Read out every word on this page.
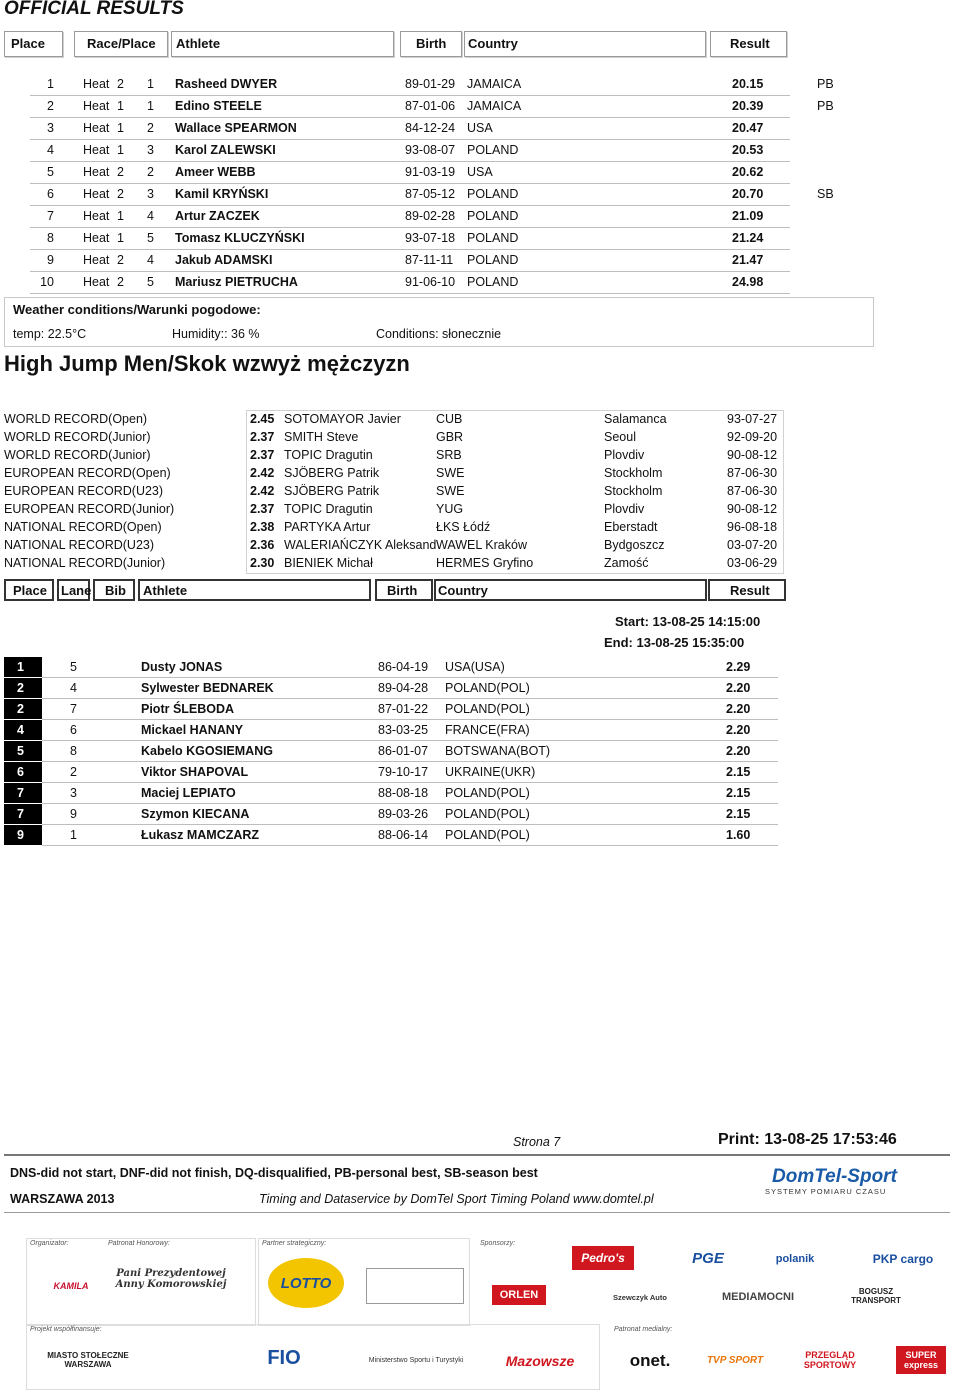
OFFICIAL RESULTS
Place	Race/Place	Athlete	Birth	Country	Result
1 Heat 2 1 Rasheed DWYER	89-01-29 JAMAICA	20.15	PB
2 Heat 1 1 Edino STEELE	87-01-06 JAMAICA	20.39	PB
3 Heat 1 2 Wallace SPEARMON	84-12-24 USA	20.47
4 Heat 1 3 Karol ZALEWSKI	93-08-07 POLAND	20.53
5 Heat 2 2 Ameer WEBB	91-03-19 USA	20.62
6 Heat 2 3 Kamil KRYŃSKI	87-05-12 POLAND	20.70	SB
7 Heat 1 4 Artur ZACZEK	89-02-28 POLAND	21.09
8 Heat 1 5 Tomasz KLUCZYŃSKI	93-07-18 POLAND	21.24
9 Heat 2 4 Jakub ADAMSKI	87-11-11 POLAND	21.47
10 Heat 2 5 Mariusz PIETRUCHA	91-06-10 POLAND	24.98
Weather conditions/Warunki pogodowe:
temp: 22.5°C	Humidity:: 36 %	Conditions: słonecznie
High Jump Men/Skok wzwyż mężczyzn
WORLD RECORD(Open)	2.45 SOTOMAYOR Javier	CUB	Salamanca	93-07-27
WORLD RECORD(Junior)	2.37 SMITH Steve	GBR	Seoul	92-09-20
WORLD RECORD(Junior)	2.37 TOPIC Dragutin	SRB	Plovdiv	90-08-12
EUROPEAN RECORD(Open)	2.42 SJÖBERG Patrik	SWE	Stockholm	87-06-30
EUROPEAN RECORD(U23)	2.42 SJÖBERG Patrik	SWE	Stockholm	87-06-30
EUROPEAN RECORD(Junior)	2.37 TOPIC Dragutin	YUG	Plovdiv	90-08-12
NATIONAL RECORD(Open)	2.38 PARTYKA Artur	ŁKS Łódź	Eberstadt	96-08-18
NATIONAL RECORD(U23)	2.36 WALERIAŃCZYK Aleksand WAWEL Kraków	Bydgoszcz	03-07-20
NATIONAL RECORD(Junior)	2.30 BIENIEK Michał	HERMES Gryfino	Zamość	03-06-29
Place	Lane	Bib	Athlete	Birth	Country	Result
Start: 13-08-25 14:15:00
End: 13-08-25 15:35:00
1	5	Dusty JONAS	86-04-19 USA(USA)	2.29
2	4	Sylwester BEDNAREK	89-04-28 POLAND(POL)	2.20
2	7	Piotr ŚLEBODA	87-01-22 POLAND(POL)	2.20
4	6	Mickael HANANY	83-03-25 FRANCE(FRA)	2.20
5	8	Kabelo KGOSIEMANG	86-01-07 BOTSWANA(BOT)	2.20
6	2	Viktor SHAPOVAL	79-10-17 UKRAINE(UKR)	2.15
7	3	Maciej LEPIATO	88-08-18 POLAND(POL)	2.15
7	9	Szymon KIECANA	89-03-26 POLAND(POL)	2.15
9	1	Łukasz MAMCZARZ	88-06-14 POLAND(POL)	1.60
Strona 7	Print: 13-08-25 17:53:46
DNS-did not start, DNF-did not finish, DQ-disqualified, PB-personal best, SB-season best
WARSZAWA 2013	Timing and Dataservice by DomTel Sport Timing Poland www.domtel.pl
DomTel-Sport
SYSTEMY POMIARU CZASU
Organizator:
KAMILA
Patronat Honorowy:
Pani Prezydentowej Anny Komorowskiej
Partner strategiczny:
LOTTO
Sponsorzy:
Pedro's	PGE	polanik	PKP cargo
ORLEN	Szewczyk Auto	MEDIAMOCNI	BOGUSZ TRANSPORT
Projekt współfinansuje:
MIASTO STOŁECZNE WARSZAWA	FIO	Ministerstwo Sportu i Turystyki	Mazowsze
Patronat medialny:
onet.	TVP SPORT	PRZEGLĄD SPORTOWY
SUPER express
